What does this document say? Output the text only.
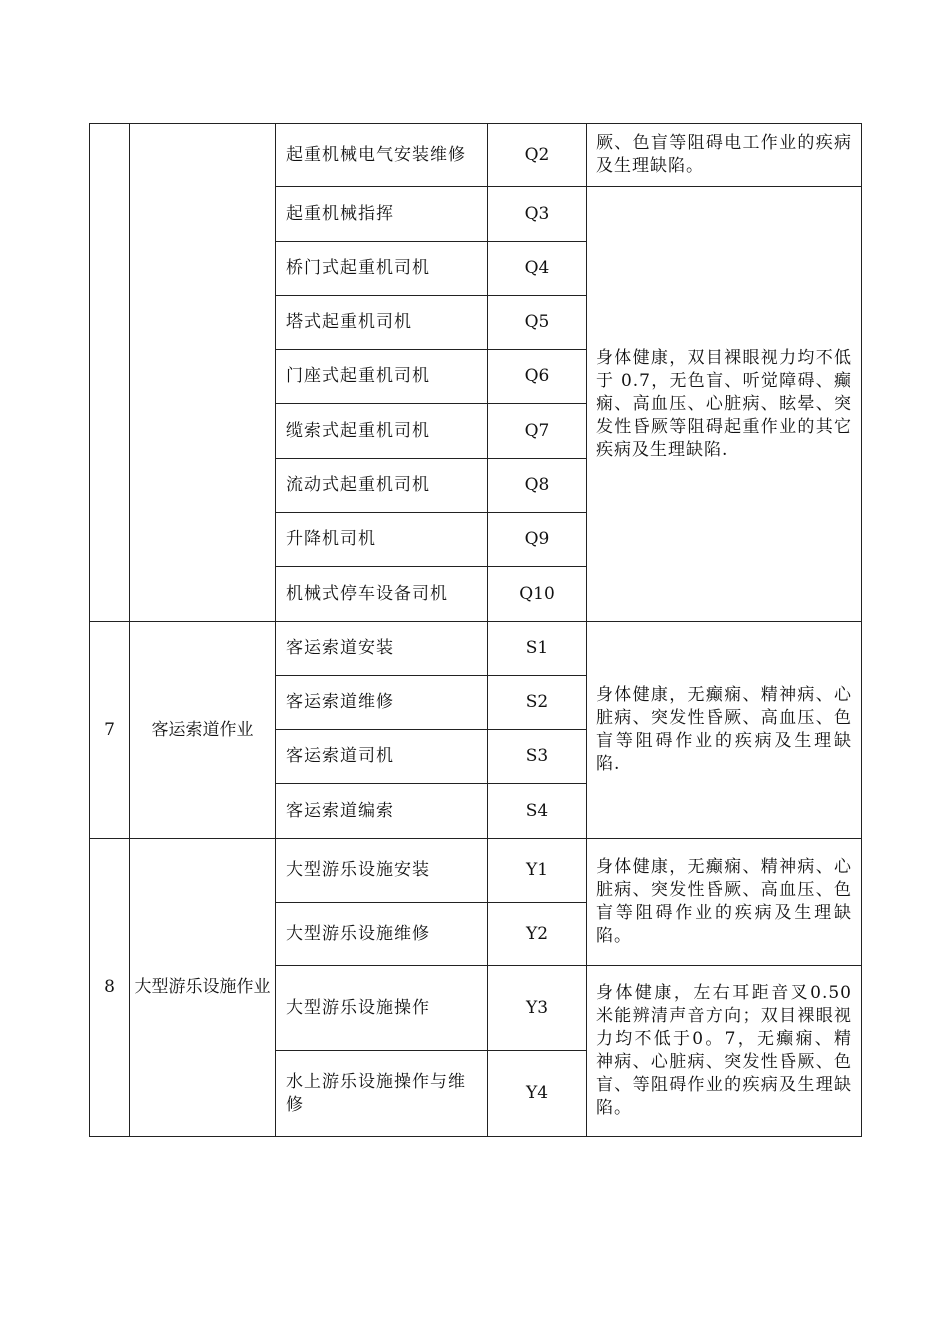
		起重机械电气安装维修	Q2	厥、色盲等阻碍电工作业的疾病及生理缺陷。
		起重机械指挥	Q3	身体健康，双目裸眼视力均不低于 0.7，无色盲、听觉障碍、癫痫、高血压、心脏病、眩晕、突发性昏厥等阻碍起重作业的其它疾病及生理缺陷.
		桥门式起重机司机	Q4	
		塔式起重机司机	Q5	
		门座式起重机司机	Q6	
		缆索式起重机司机	Q7	
		流动式起重机司机	Q8	
		升降机司机	Q9	
		机械式停车设备司机	Q10	
7	客运索道作业	客运索道安装	S1	身体健康，无癫痫、精神病、心脏病、突发性昏厥、高血压、色盲等阻碍作业的疾病及生理缺陷.
		客运索道维修	S2	
		客运索道司机	S3	
		客运索道编索	S4	
8	大型游乐设施作业	大型游乐设施安装	Y1	身体健康，无癫痫、精神病、心脏病、突发性昏厥、高血压、色盲等阻碍作业的疾病及生理缺陷。
		大型游乐设施维修	Y2	
		大型游乐设施操作	Y3	身体健康，左右耳距音叉0.50米能辨清声音方向；双目裸眼视力均不低于0。7，无癫痫、精神病、心脏病、突发性昏厥、色盲、等阻碍作业的疾病及生理缺陷。
		水上游乐设施操作与维修	Y4	
